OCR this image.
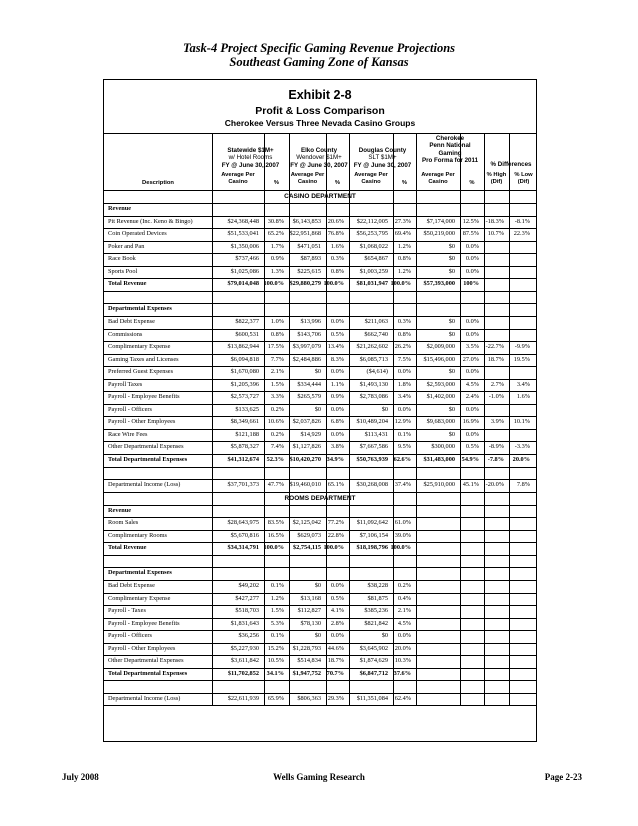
Task-4 Project Specific Gaming Revenue Projections
Southeast Gaming Zone of Kansas
Exhibit 2-8
Profit & Loss Comparison
Cherokee Versus Three Nevada Casino Groups
Statewide $1M+
w/ Hotel Rooms
FY @ June 30, 2007
Elko County
Wendover $1M+
FY @ June 30, 2007
Douglas County
SLT $1M+
FY @ June 30, 2007
Cherokee
Penn National
Gaming
Pro Forma for 2011
% Differences
Description
Average Per
Casino
Average Per
Casino
Average Per
Casino
Average Per
Casino
%	%	%	%
% High
(Dif)
% Low
(Dif)
CASINO DEPARTMENT
Revenue
Pit Revenue (Inc. Keno & Bingo)	$24,368,448 30.8% $6,143,853 20.6% $22,112,005 27.3% $7,174,000 12.5% -18.3% -8.1%
Coin Operated Devices	$51,533,041 65.2% $22,951,868 76.8% $56,253,795 69.4% $50,219,000 87.5% 10.7% 22.3%
Poker and Pan	$1,350,006 1.7% $471,051 1.6% $1,068,022 1.2%	$0 0.0%
Race Book	$737,466 0.9%	$87,893 0.3%	$654,867 0.8%	$0 0.0%
Sports Pool	$1,025,086 1.3% $225,615 0.8% $1,003,259 1.2%	$0 0.0%
Total Revenue	$79,014,048 100.0% $29,880,279 100.0% $81,031,947 100.0% $57,393,000 100%
Departmental Expenses
Bad Debt Expense	$822,377 1.0%	$13,996 0.0%	$211,063 0.3%	$0 0.0%
Commissions	$600,531 0.8% $143,706 0.5%	$662,740 0.8%	$0 0.0%
Complimentary Expense	$13,862,944 17.5% $3,997,079 13.4% $21,262,602 26.2% $2,009,000 3.5% -22.7% -9.9%
Gaming Taxes and Licenses	$6,094,818 7.7% $2,484,886 8.3% $6,085,713 7.5% $15,496,000 27.0% 18.7% 19.5%
Preferred Guest Expenses	$1,670,080 2.1%	$0 0.0%	($4,614) 0.0%	$0 0.0%
Payroll Taxes	$1,205,396 1.5% $334,444 1.1% $1,493,130 1.8% $2,593,000 4.5% 2.7% 3.4%
Payroll - Employee Benefits	$2,573,727 3.3% $265,579 0.9% $2,783,086 3.4% $1,402,000 2.4% -1.0% 1.6%
Payroll - Officers	$133,625 0.2%	$0 0.0%	$0 0.0%	$0 0.0%
Payroll - Other Employees	$8,349,661 10.6% $2,037,826 6.8% $10,489,204 12.9% $9,683,000 16.9% 3.9% 10.1%
Race Wire Fees	$121,188 0.2%	$14,929 0.0%	$113,431 0.1%	$0 0.0%
Other Departmental Expenses	$5,878,327 7.4% $1,127,826 3.8% $7,667,586 9.5%	$300,000 0.5% -8.9% -3.3%
Total Departmental Expenses	$41,312,674 52.3% $10,420,270 34.9% $50,763,939 62.6% $31,483,000 54.9% -7.8% 20.0%
Departmental Income (Loss)	$37,701,373 47.7% $19,460,010 65.1% $30,268,008 37.4% $25,910,000 45.1% -20.0% 7.8%
ROOMS DEPARTMENT
Revenue
Room Sales	$28,643,975 83.5% $2,125,042 77.2% $11,092,642 61.0%
Complimentary Rooms	$5,670,816 16.5% $629,073 22.8% $7,106,154 39.0%
Total Revenue	$34,314,791 100.0% $2,754,115 100.0% $18,198,796 100.0%
Departmental Expenses
Bad Debt Expense	$49,202 0.1%	$0 0.0%	$38,228 0.2%
Complimentary Expense	$427,277 1.2%	$13,168 0.5%	$81,875 0.4%
Payroll - Taxes	$518,703 1.5% $112,827 4.1%	$385,236 2.1%
Payroll - Employee Benefits	$1,831,643 5.3%	$78,130 2.8%	$821,842 4.5%
Payroll - Officers	$36,256 0.1%	$0 0.0%	$0 0.0%
Payroll - Other Employees	$5,227,930 15.2% $1,228,793 44.6% $3,645,902 20.0%
Other Departmental Expenses	$3,611,842 10.5% $514,834 18.7% $1,874,629 10.3%
Total Departmental Expenses	$11,702,852 34.1% $1,947,752 70.7% $6,847,712 37.6%
Departmental Income (Loss)	$22,611,939 65.9% $806,363 29.3% $11,351,084 62.4%
July 2008	Wells Gaming Research	Page 2-23
